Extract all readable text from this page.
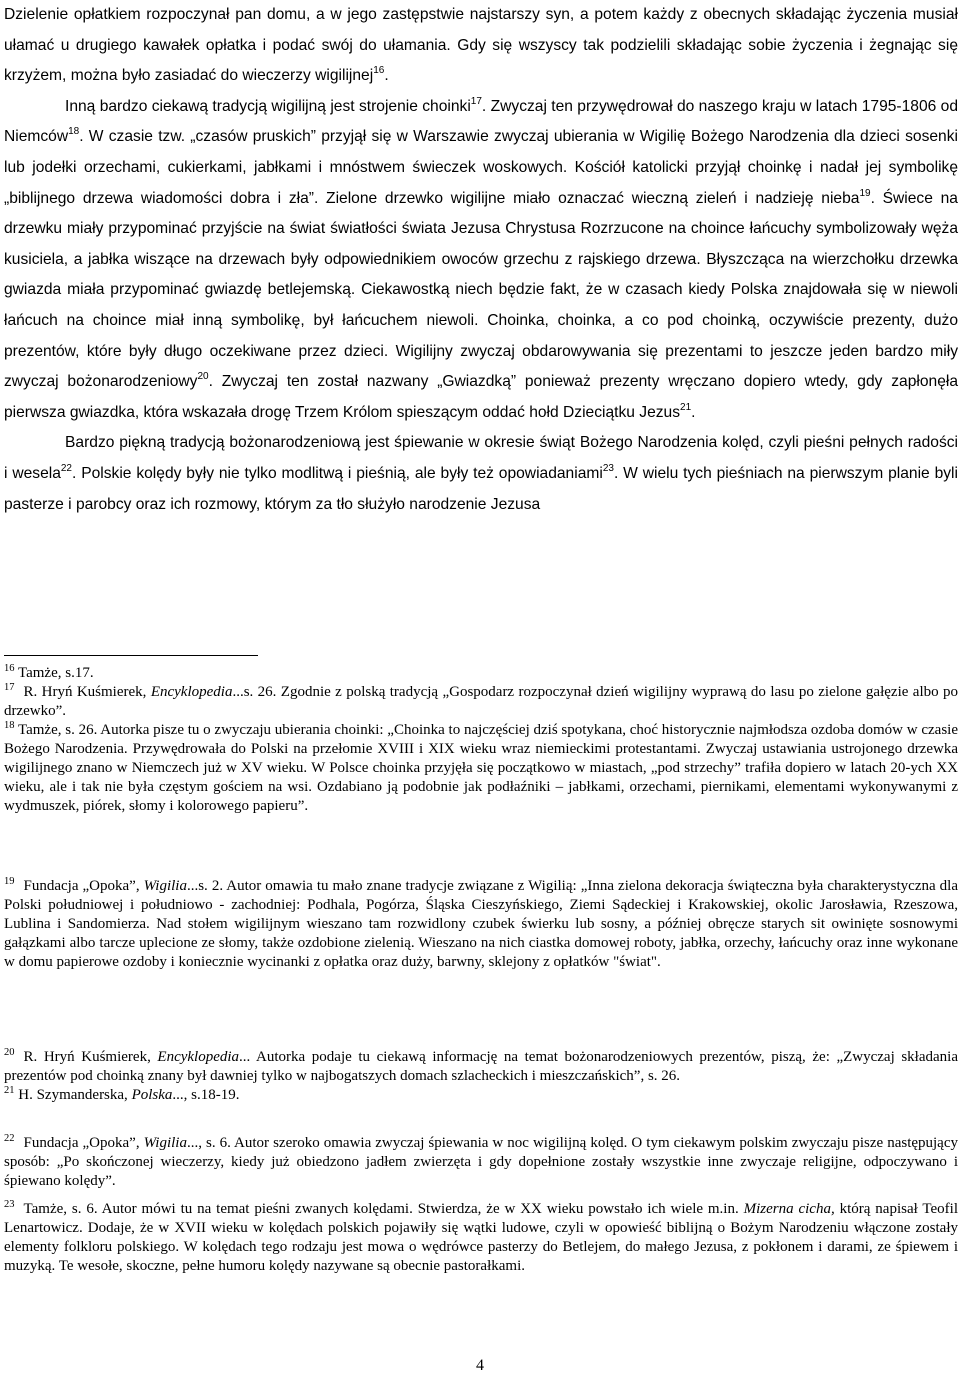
Dzielenie opłatkiem rozpoczynał pan domu, a w jego zastępstwie najstarszy syn, a potem każdy z obecnych składając życzenia musiał ułamać u drugiego kawałek opłatka i podać swój do ułamania. Gdy się wszyscy tak podzielili składając sobie życzenia i żegnając się krzyżem, można było zasiadać do wieczerzy wigilijnej$^{16}$.

Inną bardzo ciekawą tradycją wigilijną jest strojenie choinki$^{17}$. Zwyczaj ten przywędrował do naszego kraju w latach 1795-1806 od Niemców$^{18}$. W czasie tzw. „czasów pruskich” przyjął się w Warszawie zwyczaj ubierania w Wigilię Bożego Narodzenia dla dzieci sosenki lub jodełki orzechami, cukierkami, jabłkami i mnóstwem świeczek woskowych. Kościół katolicki przyjął choinkę i nadał jej symbolikę „biblijnego drzewa wiadomości dobra i zła”. Zielone drzewko wigilijne miało oznaczać wieczną zieleń i nadzieję nieba$^{19}$. Świece na drzewku miały przypominać przyjście na świat światłości świata Jezusa Chrystusa Rozrzucone na choince łańcuchy symbolizowały węża kusiciela, a jabłka wiszące na drzewach były odpowiednikiem owoców grzechu z rajskiego drzewa. Błyszcząca na wierzchołku drzewka gwiazda miała przypominać gwiazdę betlejemską. Ciekawostką niech będzie fakt, że w czasach kiedy Polska znajdowała się w niewoli łańcuch na choince miał inną symbolikę, był łańcuchem niewoli. Choinka, choinka, a co pod choinką, oczywiście prezenty, dużo prezentów, które były długo oczekiwane przez dzieci. Wigilijny zwyczaj obdarowywania się prezentami to jeszcze jeden bardzo miły zwyczaj bożonarodzeniowy$^{20}$. Zwyczaj ten został nazwany „Gwiazdką” ponieważ prezenty wręczano dopiero wtedy, gdy zapłonęła pierwsza gwiazdka, która wskazała drogę Trzem Królom spieszącym oddać hołd Dzieciątku Jezus$^{21}$.

Bardzo piękną tradycją bożonarodzeniową jest śpiewanie w okresie świąt Bożego Narodzenia kolęd, czyli pieśni pełnych radości i wesela$^{22}$. Polskie kolędy były nie tylko modlitwą i pieśnią, ale były też opowiadaniami$^{23}$. W wielu tych pieśniach na pierwszym planie byli pasterze i parobcy oraz ich rozmowy, którym za tło służyło narodzenie Jezusa

$^{16}$ Tamże, s.17.

$^{17}$ R. Hryń Kuśmierek, Encyklopedia...s. 26. Zgodnie z polską tradycją „Gospodarz rozpoczynał dzień wigilijny wyprawą do lasu po zielone gałęzie albo po drzewko”.

$^{18}$ Tamże, s. 26. Autorka pisze tu o zwyczaju ubierania choinki: „Choinka to najczęściej dziś spotykana, choć historycznie najmłodsza ozdoba domów w czasie Bożego Narodzenia. Przywędrowała do Polski na przełomie XVIII i XIX wieku wraz niemieckimi protestantami. Zwyczaj ustawiania ustrojonego drzewka wigilijnego znano w Niemczech już w XV wieku. W Polsce choinka przyjęła się początkowo w miastach, „pod strzechy” trafiła dopiero w latach 20-ych XX wieku, ale i tak nie była częstym gościem na wsi. Ozdabiano ją podobnie jak podłaźniki – jabłkami, orzechami, piernikami, elementami wykonywanymi z wydmuszek, piórek, słomy i kolorowego papieru”.

$^{19}$ Fundacja „Opoka”, Wigilia...s. 2. Autor omawia tu mało znane tradycje związane z Wigilią: „Inna zielona dekoracja świąteczna była charakterystyczna dla Polski południowej i południowo - zachodniej: Podhala, Pogórza, Śląska Cieszyńskiego, Ziemi Sądeckiej i Krakowskiej, okolic Jarosławia, Rzeszowa, Lublina i Sandomierza. Nad stołem wigilijnym wieszano tam rozwidlony czubek świerku lub sosny, a później obręcze starych sit owinięte sosnowymi gałązkami albo tarcze uplecione ze słomy, także ozdobione zielenią. Wieszano na nich ciastka domowej roboty, jabłka, orzechy, łańcuchy oraz inne wykonane w domu papierowe ozdoby i koniecznie wycinanki z opłatka oraz duży, barwny, sklejony z opłatków "świat".

$^{20}$ R. Hryń Kuśmierek, Encyklopedia... Autorka podaje tu ciekawą informację na temat bożonarodzeniowych prezentów, piszą, że: „Zwyczaj składania prezentów pod choinką znany był dawniej tylko w najbogatszych domach szlacheckich i mieszczańskich”, s. 26.

$^{21}$ H. Szymanderska, Polska..., s.18-19.

$^{22}$ Fundacja „Opoka”, Wigilia..., s. 6. Autor szeroko omawia zwyczaj śpiewania w noc wigilijną kolęd. O tym ciekawym polskim zwyczaju pisze następujący sposób: „Po skończonej wieczerzy, kiedy już obiedzono jadłem zwierzęta i gdy dopełnione zostały wszystkie inne zwyczaje religijne, odpoczywano i śpiewano kolędy”.

$^{23}$ Tamże, s. 6. Autor mówi tu na temat pieśni zwanych kolędami. Stwierdza, że w XX wieku powstało ich wiele m.in. Mizerna cicha, którą napisał Teofil Lenartowicz. Dodaje, że w XVII wieku w kolędach polskich pojawiły się wątki ludowe, czyli w opowieść biblijną o Bożym Narodzeniu włączone zostały elementy folkloru polskiego. W kolędach tego rodzaju jest mowa o wędrówce pasterzy do Betlejem, do małego Jezusa, z pokłonem i darami, ze śpiewem i muzyką. Te wesołe, skoczne, pełne humoru kolędy nazywane są obecnie pastorałkami.

4
